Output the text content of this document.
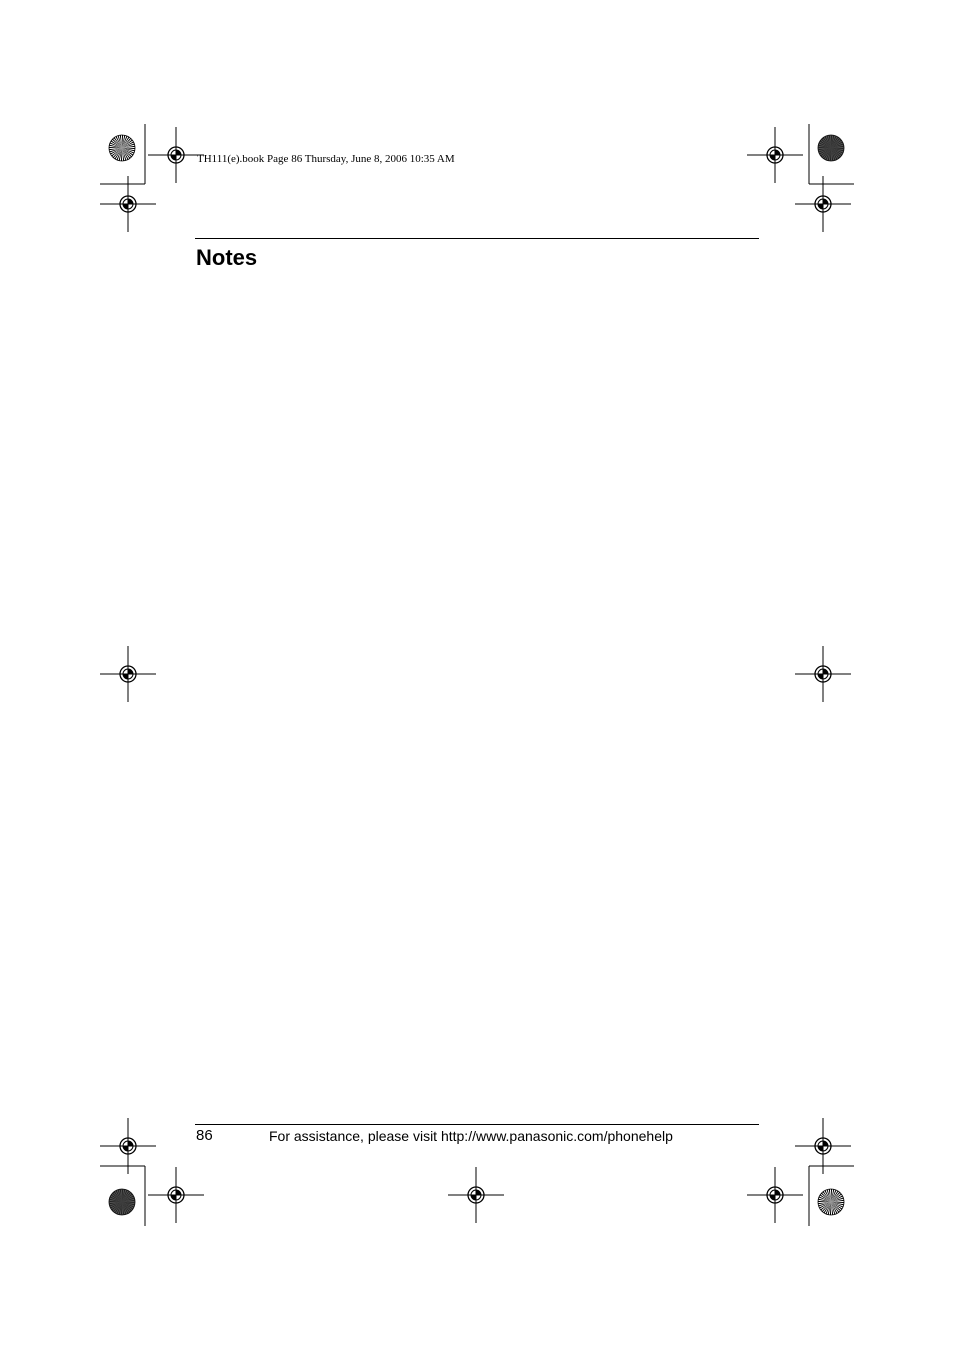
TH111(e).book Page 86 Thursday, June 8, 2006 10:35 AM
Notes
86	For assistance, please visit http://www.panasonic.com/phonehelp
